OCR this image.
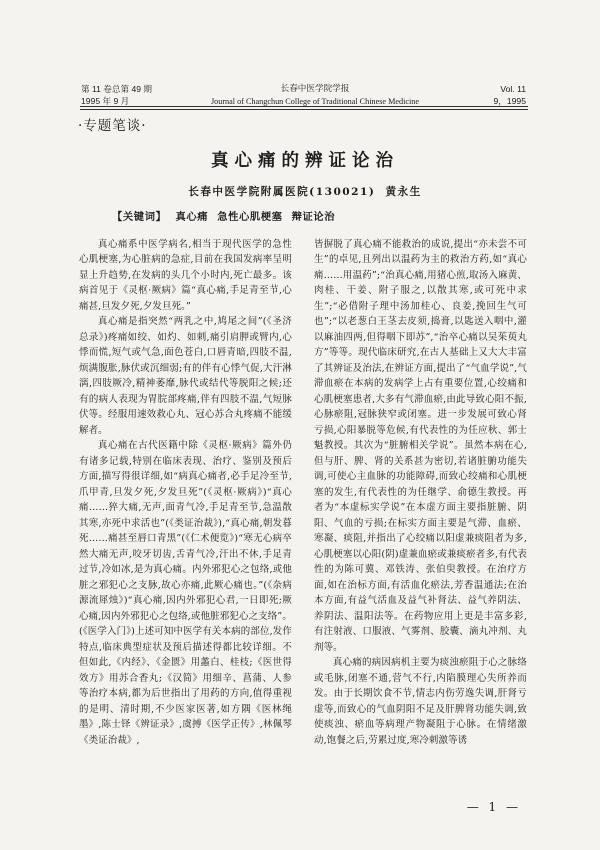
第 11 卷总第 49 期
1995 年 9 月
长春中医学院学报
Journal of Changchun College of Traditional Chinese Medicine
Vol. 11
9，1995
·专题笔谈·
真心痛的辨证论治
长春中医学院附属医院(130021) 黄永生
【关键词】 真心痛 急性心肌梗塞 辩证论治

真心痛系中医学病名,相当于现代医学的急性心肌梗塞,为心脏病的急症,目前在我国发病率呈明显上升趋势,在发病的头几个小时内,死亡最多。该病首见于《灵枢·厥病》篇“真心痛,手足青至节,心痛甚,旦发夕死,夕发旦死。”

真心痛是指突然“两乳之中,鸠尾之间”(《圣济总录》)疼痛如绞、如灼、如刺,痛引肩胛或臂内,心悸而慌,短气或气急,面色苍白,口唇青暗,四肢不温,烦满腹胀,脉伏或沉细弱;有的伴有心悸气促,大汗淋漓,四肢厥冷,精神萎靡,脉代或结代等脱阳之候;还有的病人表现为胃脘部疼痛,伴有四肢不温,气短脉伏等。经服用速效救心丸、冠心苏合丸疼痛不能缓解者。

真心痛在古代医籍中除《灵枢·厥病》篇外仍有诸多记载,特别在临床表现、治疗、鉴别及预后方面,描写得很详细,如“病真心痛者,必手足冷至节,爪甲青,旦发夕死,夕发旦死”(《灵枢·厥病》)“真心痛……猝大痛,无声,面青气冷,手足青至节,急温散其寒,亦死中求活也”(《类证治裁》),“真心痛,朝发暮死……痛甚至唇口青黑”(《仁术便览》)“寒无心病卒然大痛无声,咬牙切齿,舌青气冷,汗出不休,手足青过节,冷如冰,是为真心痛。内外邪犯心之包络,或他脏之邪犯心之支脉,故心亦痛,此厥心痛也。”(《杂病源流犀烛》)“真心痛,因内外邪犯心君,一日即死;厥心痛,因内外邪犯心之包络,或他脏邪犯心之支络”。(《医学入门》)上述可知中医学有关本病的部位,发作特点,临床典型症状及预后描述得都比较详细。不但如此,《内经》、《金匮》用蠡白、桂枝;《医世得效方》用苏合香丸;《汉简》用细辛、菖蒲、人参等治疗本病,都为后世指出了用药的方向,值得重视的是明、清时期,不少医家医著,如方隅《医林绳墨》,陈士铎《辨证录》,虞搏《医学正传》,林佩琴《类证治裁》,

皆摒脱了真心痛不能救治的成说,提出“亦未尝不可生”的卓见,且列出以温药为主的救治方药,如“真心痛……用温药”;“治真心痛,用猪心煎,取汤入麻黄、肉桂、干姜、附子服之,以散其寒,或可死中求生”;“必借附子理中汤加桂心、良姜,挽回生气可也”;“以老葱白王茎去皮须,捣膏,以匙送入咽中,灌以麻油四两,但得咽下即苏”,“治卒心痛以吴茱萸丸方”等等。现代临床研究,在古人基础上又大大丰富了其辨证及治法,在辨证方面,提出了“气血学说”,气滞血瘀在本病的发病学上占有重要位置,心绞痛和心肌梗塞患者,大多有气滞血瘀,由此导致心阳不振,心脉瘀阻,冠脉狭窄或闭塞。进一步发展可致心肾亏损,心阳暴脱等危候,有代表性的为任应秋、郭士魁教授。其次为“脏腑相关学说”。虽然本病在心,但与肝、脾、肾的关系甚为密切,若诸脏腑功能失调,可使心主血脉的功能障碍,而致心绞痛和心肌梗塞的发生,有代表性的为任继学、俞德生教授。再者为“本虚标实学说”在本虚方面主要指脏腑、阴阳、气血的亏损;在标实方面主要是气滞、血瘀、寒凝、痰阻,并指出了心绞痛以阳虚兼痰阻者为多,心肌梗塞以心阳(阴)虚兼血瘀或兼痰瘀者多,有代表性的为陈可冀、邓铁涛、张伯臾教授。在治疗方面,如在治标方面,有活血化瘀法,芳香温通法;在治本方面,有益气活血及益气补肾法、益气养阴法、养阴法、温阳法等。在药物应用上更是丰富多彩,有注射液、口服液、气雾剂、胶囊、滴丸冲剂、丸剂等。

真心痛的病因病机主要为痰浊瘀阻于心之脉络或毛脉,闭塞不通,营气不行,内陷膜理心失所养而发。由于长期饮食不节,情志内伤劳逸失调,肝肾亏虚等,而致心的气血阴阳不足及肝脾肾功能失调,致使痰浊、瘀血等病理产物凝阻于心脉。在情绪激动,饱餐之后,劳累过度,寒冷刺激等诱

— 1 —
